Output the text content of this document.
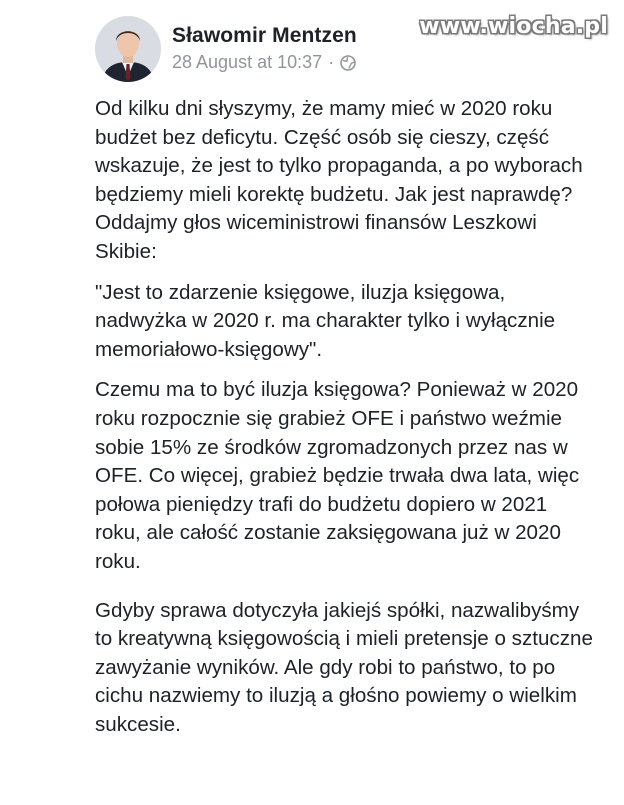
Sławomir Mentzen
28 August at 10:37 ·
www.wiocha.pl

Od kilku dni słyszymy, że mamy mieć w 2020 roku budżet bez deficytu. Część osób się cieszy, część wskazuje, że jest to tylko propaganda, a po wyborach będziemy mieli korektę budżetu. Jak jest naprawdę? Oddajmy głos wiceministrowi finansów Leszkowi Skibie:

"Jest to zdarzenie księgowe, iluzja księgowa, nadwyżka w 2020 r. ma charakter tylko i wyłącznie memoriałowo-księgowy".

Czemu ma to być iluzja księgowa? Ponieważ w 2020 roku rozpocznie się grabież OFE i państwo weźmie sobie 15% ze środków zgromadzonych przez nas w OFE. Co więcej, grabież będzie trwała dwa lata, więc połowa pieniędzy trafi do budżetu dopiero w 2021 roku, ale całość zostanie zaksięgowana już w 2020 roku.

Gdyby sprawa dotyczyła jakiejś spółki, nazwalibyśmy to kreatywną księgowością i mieli pretensje o sztuczne zawyżanie wyników. Ale gdy robi to państwo, to po cichu nazwiemy to iluzją a głośno powiemy o wielkim sukcesie.
